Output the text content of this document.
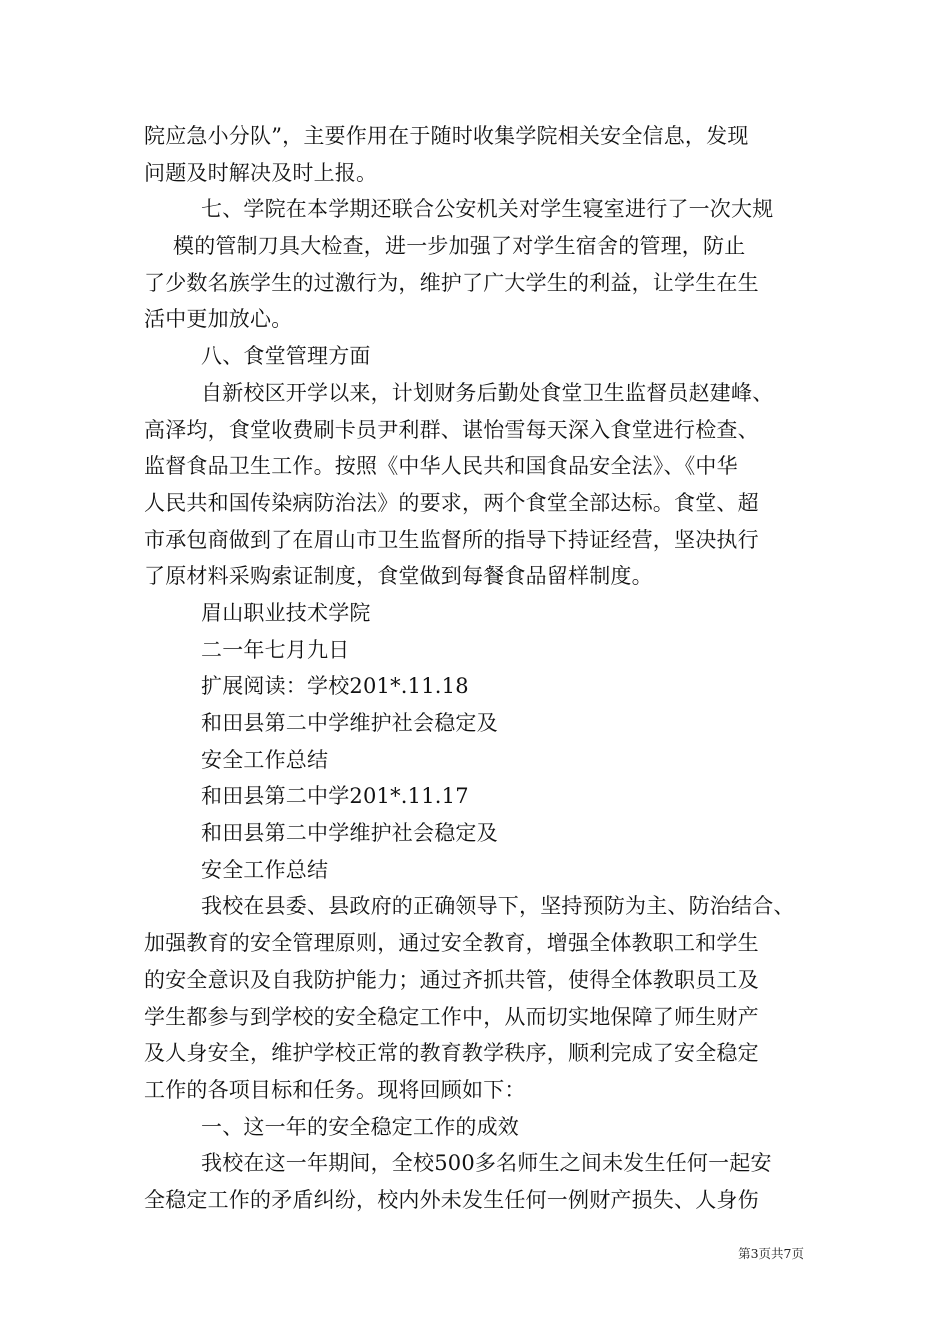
院应急小分队”，主要作用在于随时收集学院相关安全信息，发现
问题及时解决及时上报。
七、学院在本学期还联合公安机关对学生寝室进行了一次大规
模的管制刀具大检查，进一步加强了对学生宿舍的管理，防止
了少数名族学生的过激行为，维护了广大学生的利益，让学生在生
活中更加放心。
八、食堂管理方面
自新校区开学以来，计划财务后勤处食堂卫生监督员赵建峰、
高泽均，食堂收费刷卡员尹利群、谌怡雪每天深入食堂进行检查、
监督食品卫生工作。按照《中华人民共和国食品安全法》、《中华
人民共和国传染病防治法》的要求，两个食堂全部达标。食堂、超
市承包商做到了在眉山市卫生监督所的指导下持证经营，坚决执行
了原材料采购索证制度，食堂做到每餐食品留样制度。
眉山职业技术学院
二一年七月九日
扩展阅读：学校201*.11.18
和田县第二中学维护社会稳定及
安全工作总结
和田县第二中学201*.11.17
和田县第二中学维护社会稳定及
安全工作总结
我校在县委、县政府的正确领导下，坚持预防为主、防治结合、
加强教育的安全管理原则，通过安全教育，增强全体教职工和学生
的安全意识及自我防护能力；通过齐抓共管，使得全体教职员工及
学生都参与到学校的安全稳定工作中，从而切实地保障了师生财产
及人身安全，维护学校正常的教育教学秩序，顺利完成了安全稳定
工作的各项目标和任务。现将回顾如下：
一、这一年的安全稳定工作的成效
我校在这一年期间，全校500多名师生之间未发生任何一起安
全稳定工作的矛盾纠纷，校内外未发生任何一例财产损失、人身伤
第3页共7页
